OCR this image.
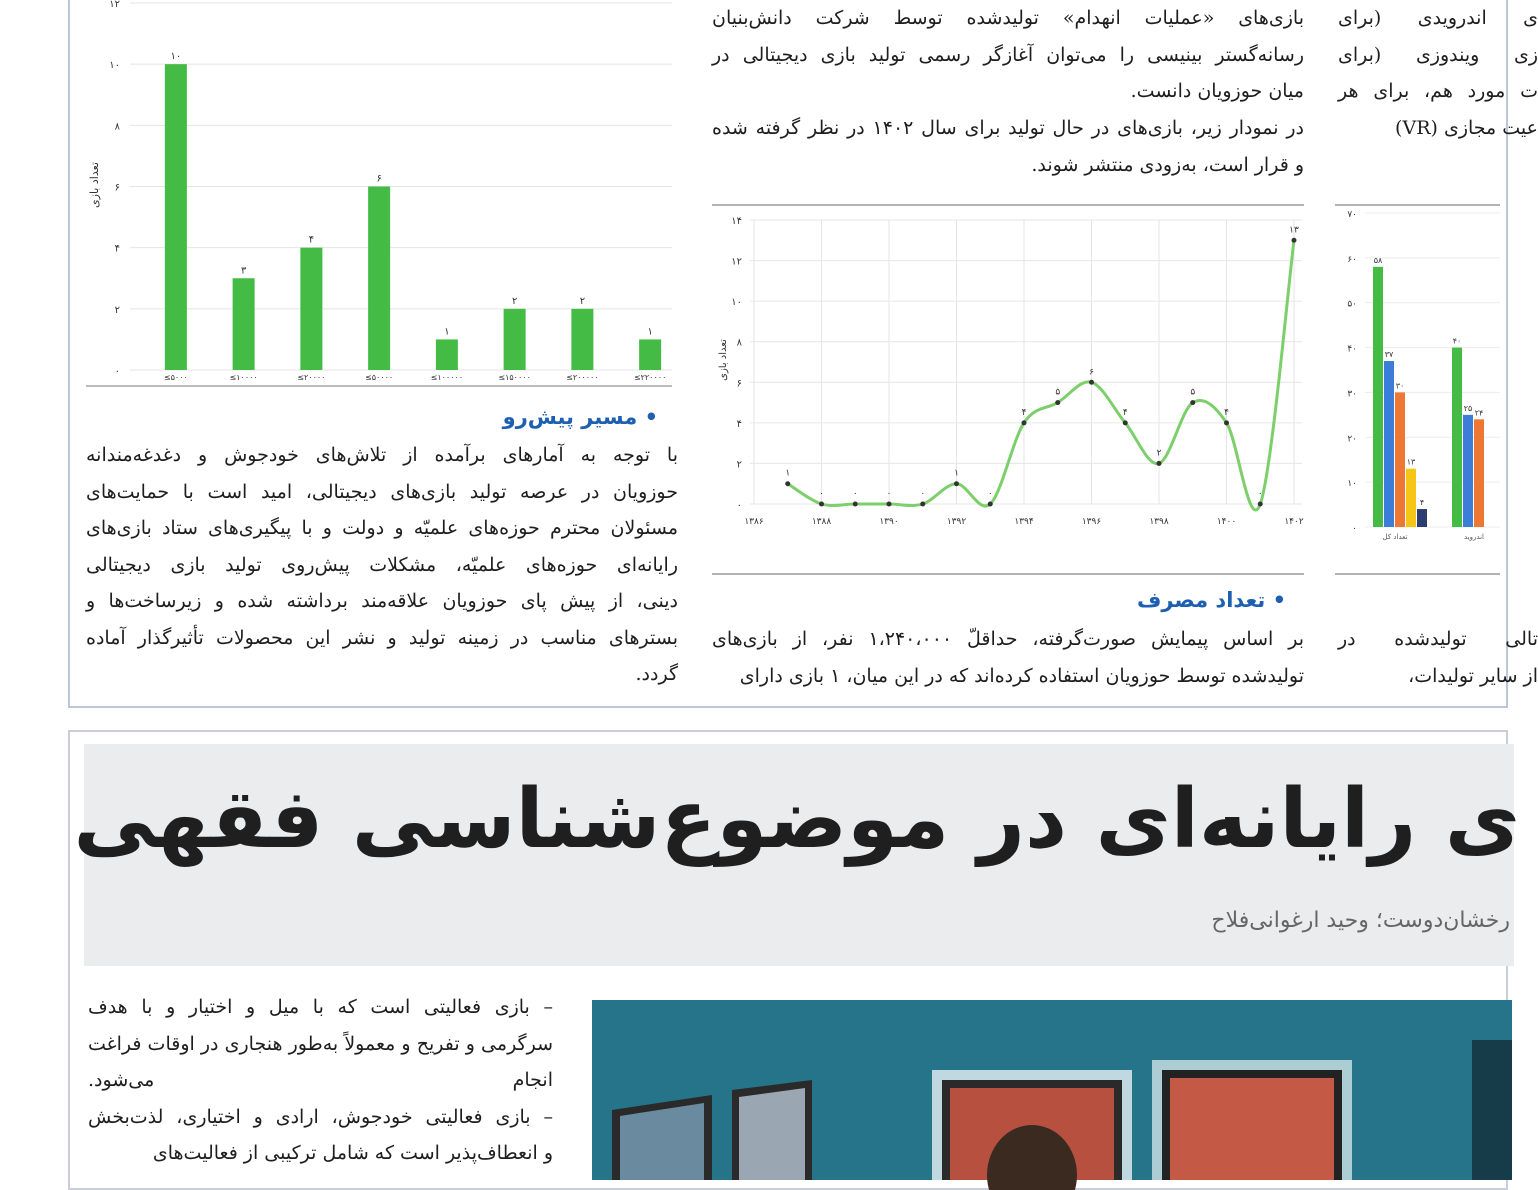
۰
۲
۴
۶
۸
۱۰
۱۲
تعداد بازی
۱۰
≤۵۰۰۰
۳
≤۱۰۰۰۰
۴
≤۲۰۰۰۰
۶
≤۵۰۰۰۰
۱
≤۱۰۰۰۰۰
۲
≤۱۵۰۰۰۰
۲
≤۲۰۰۰۰۰
۱
≤۲۲۰۰۰۰
۰
۲
۴
۶
۸
۱۰
۱۲
۱۴
۱۳۸۶	۱۳۸۸	۱۳۹۰	۱۳۹۲	۱۳۹۴	۱۳۹۶	۱۳۹۸	۱۴۰۰	۱۴۰۲
تعداد بازی
۱
۰	۰	۰	۰
۱
۰
۴
۵
۶
۴
۲
۵
۴
۰
۱۳
۰
۱۰
۲۰
۳۰
۴۰
۵۰
۶۰
۷۰
۵۸
۳۷
۳۰
۱۳
۴
تعداد کل
۴۰
۲۵ ۲۴
اندروید
• مسیر پیش‌رو
با توجه به آمارهای برآمده از تلاش‌های خودجوش و دغدغه‌مندانه
حوزویان در عرصه تولید بازی‌های دیجیتالی، امید است با حمایت‌های
مسئولان محترم حوزه‌های علمیّه و دولت و با پیگیری‌های ستاد بازی‌های
رایانه‌ای حوزه‌های علمیّه، مشکلات پیش‌روی تولید بازی دیجیتالی
دینی، از پیش پای حوزویان علاقه‌مند برداشته شده و زیرساخت‌ها و
بسترهای مناسب در زمینه تولید و نشر این محصولات تأثیرگذار آماده
گردد.
بازی‌های «عملیات انهدام» تولیدشده توسط شرکت دانش‌بنیان
رسانه‌گستر بینیسی را می‌توان آغازگر رسمی تولید بازی دیجیتالی در
میان حوزویان دانست.
در نمودار زیر، بازی‌های در حال تولید برای سال ۱۴۰۲ در نظر گرفته شده
و قرار است، به‌زودی منتشر شوند.
• تعداد مصرف
بر اساس پیمایش صورت‌گرفته، حداقلّ ۱،۲۴۰،۰۰۰ نفر، از بازی‌های
تولیدشده توسط حوزویان استفاده کرده‌اند که در این میان، ۱ بازی دارای
ی اندرویدی (برای
زی ویندوزی (برای
ت مورد هم، برای هر
عیت مجازی (VR)
تالی تولیدشده در
از سایر تولیدات،
ی رایانه‌ای در موضوع‌شناسی فقهی
رخشان‌دوست؛ وحید ارغوانی‌فلاح
– بازی فعالیتی است که با میل و اختیار و با هدف
سرگرمی و تفریح و معمولاً به‌طور هنجاری در اوقات فراغت
انجام می‌شود.
– بازی فعالیتی خودجوش، ارادی و اختیاری، لذت‌بخش
و انعطاف‌پذیر است که شامل ترکیبی از فعالیت‌های
